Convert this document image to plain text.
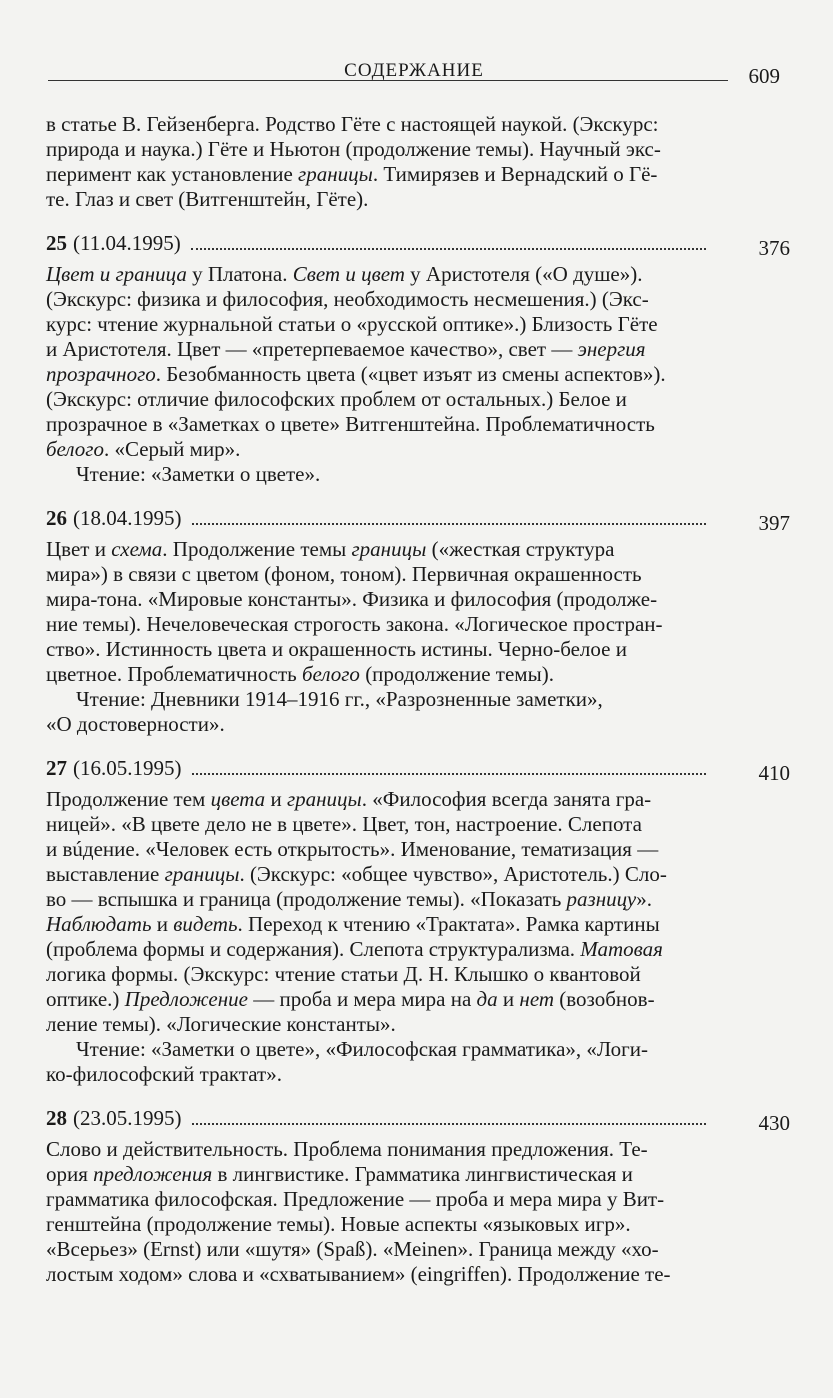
СОДЕРЖАНИЕ	609
в статье В. Гейзенберга. Родство Гёте с настоящей наукой. (Экскурс:
природа и наука.) Гёте и Ньютон (продолжение темы). Научный экс-
перимент как установление границы. Тимирязев и Вернадский о Гё-
те. Глаз и свет (Витгенштейн, Гёте).
25 (11.04.1995)	376
Цвет и граница у Платона. Свет и цвет у Аристотеля («О душе»).
(Экскурс: физика и философия, необходимость несмешения.) (Экс-
курс: чтение журнальной статьи о «русской оптике».) Близость Гёте
и Аристотеля. Цвет — «претерпеваемое качество», свет — энергия
прозрачного. Безобманность цвета («цвет изъят из смены аспектов»).
(Экскурс: отличие философских проблем от остальных.) Белое и
прозрачное в «Заметках о цвете» Витгенштейна. Проблематичность
белого. «Серый мир».
Чтение: «Заметки о цвете».
26 (18.04.1995)	397
Цвет и схема. Продолжение темы границы («жесткая структура
мира») в связи с цветом (фоном, тоном). Первичная окрашенность
мира-тона. «Мировые константы». Физика и философия (продолже-
ние темы). Нечеловеческая строгость закона. «Логическое простран-
ство». Истинность цвета и окрашенность истины. Черно-белое и
цветное. Проблематичность белого (продолжение темы).
Чтение: Дневники 1914–1916 гг., «Разрозненные заметки»,
«О достоверности».
27 (16.05.1995)	410
Продолжение тем цвета и границы. «Философия всегда занята гра-
ницей». «В цвете дело не в цвете». Цвет, тон, настроение. Слепота
и вúдение. «Человек есть открытость». Именование, тематизация —
выставление границы. (Экскурс: «общее чувство», Аристотель.) Сло-
во — вспышка и граница (продолжение темы). «Показать разницу».
Наблюдать и видеть. Переход к чтению «Трактата». Рамка картины
(проблема формы и содержания). Слепота структурализма. Матовая
логика формы. (Экскурс: чтение статьи Д. Н. Клышко о квантовой
оптике.) Предложение — проба и мера мира на да и нет (возобнов-
ление темы). «Логические константы».
Чтение: «Заметки о цвете», «Философская грамматика», «Логи-
ко-философский трактат».
28 (23.05.1995)	430
Слово и действительность. Проблема понимания предложения. Те-
ория предложения в лингвистике. Грамматика лингвистическая и
грамматика философская. Предложение — проба и мера мира у Вит-
генштейна (продолжение темы). Новые аспекты «языковых игр».
«Всерьез» (Ernst) или «шутя» (Spaß). «Meinen». Граница между «хо-
лостым ходом» слова и «схватыванием» (eingriffen). Продолжение те-
